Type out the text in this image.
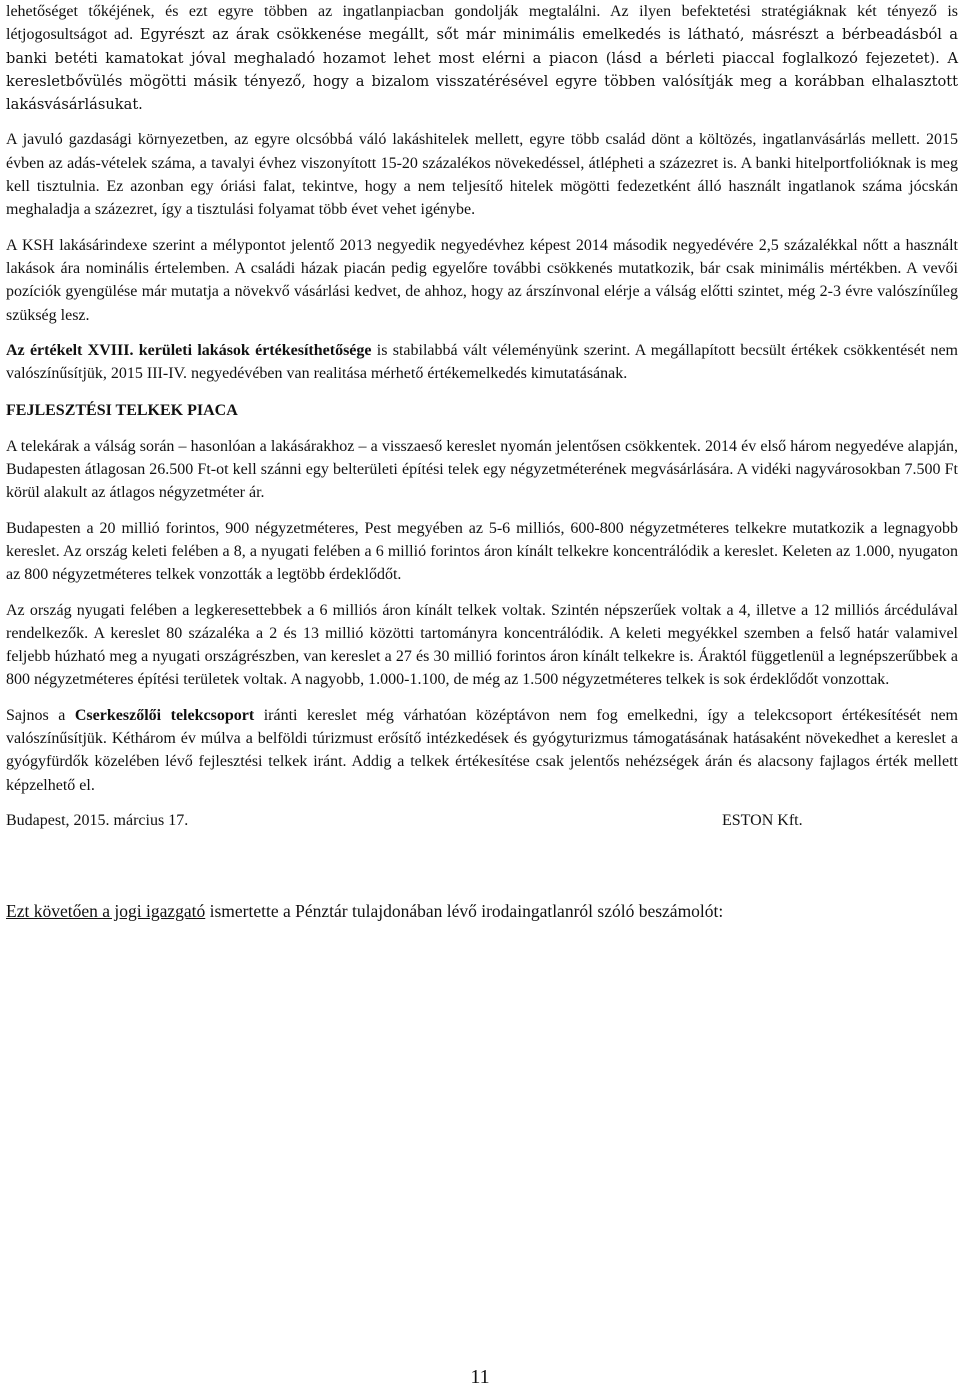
lehetőséget tőkéjének, és ezt egyre többen az ingatlanpiacban gondolják megtalálni. Az ilyen befektetési stratégiáknak két tényező is létjogosultságot ad. Egyrészt az árak csökkenése megállt, sőt már minimális emelkedés is látható, másrészt a bérbeadásból a banki betéti kamatokat jóval meghaladó hozamot lehet most elérni a piacon (lásd a bérleti piaccal foglalkozó fejezetet). A keresletbővülés mögötti másik tényező, hogy a bizalom visszatérésével egyre többen valósítják meg a korábban elhalasztott lakásvásárlásukat.

A javuló gazdasági környezetben, az egyre olcsóbbá váló lakáshitelek mellett, egyre több család dönt a költözés, ingatlanvásárlás mellett. 2015 évben az adás-vételek száma, a tavalyi évhez viszonyított 15-20 százalékos növekedéssel, átlépheti a százezret is. A banki hitelportfolióknak is meg kell tisztulnia. Ez azonban egy óriási falat, tekintve, hogy a nem teljesítő hitelek mögötti fedezetként álló használt ingatlanok száma jócskán meghaladja a százezret, így a tisztulási folyamat több évet vehet igénybe.

A KSH lakásárindexe szerint a mélypontot jelentő 2013 negyedik negyedévhez képest 2014 második negyedévére 2,5 százalékkal nőtt a használt lakások ára nominális értelemben. A családi házak piacán pedig egyelőre további csökkenés mutatkozik, bár csak minimális mértékben. A vevői pozíciók gyengülése már mutatja a növekvő vásárlási kedvet, de ahhoz, hogy az árszínvonal elérje a válság előtti szintet, még 2-3 évre valószínűleg szükség lesz.

Az értékelt XVIII. kerületi lakások értékesíthetősége is stabilabbá vált véleményünk szerint. A megállapított becsült értékek csökkentését nem valószínűsítjük, 2015 III-IV. negyedévében van realitása mérhető értékemelkedés kimutatásának.

FEJLESZTÉSI TELKEK PIACA

A telekárak a válság során – hasonlóan a lakásárakhoz – a visszaeső kereslet nyomán jelentősen csökkentek. 2014 év első három negyedéve alapján, Budapesten átlagosan 26.500 Ft-ot kell szánni egy belterületi építési telek egy négyzetméterének megvásárlására. A vidéki nagyvárosokban 7.500 Ft körül alakult az átlagos négyzetméter ár.

Budapesten a 20 millió forintos, 900 négyzetméteres, Pest megyében az 5-6 milliós, 600-800 négyzetméteres telkekre mutatkozik a legnagyobb kereslet. Az ország keleti felében a 8, a nyugati felében a 6 millió forintos áron kínált telkekre koncentrálódik a kereslet. Keleten az 1.000, nyugaton az 800 négyzetméteres telkek vonzották a legtöbb érdeklődőt.

Az ország nyugati felében a legkeresettebbek a 6 milliós áron kínált telkek voltak. Szintén népszerűek voltak a 4, illetve a 12 milliós árcédulával rendelkezők. A kereslet 80 százaléka a 2 és 13 millió közötti tartományra koncentrálódik. A keleti megyékkel szemben a felső határ valamivel feljebb húzható meg a nyugati országrészben, van kereslet a 27 és 30 millió forintos áron kínált telkekre is. Áraktól függetlenül a legnépszerűbbek a 800 négyzetméteres építési területek voltak. A nagyobb, 1.000-1.100, de még az 1.500 négyzetméteres telkek is sok érdeklődőt vonzottak.

Sajnos a Cserkeszőlői telekcsoport iránti kereslet még várhatóan középtávon nem fog emelkedni, így a telekcsoport értékesítését nem valószínűsítjük. Kéthárom év múlva a belföldi túrizmust erősítő intézkedések és gyógyturizmus támogatásának hatásaként növekedhet a kereslet a gyógyfürdők közelében lévő fejlesztési telkek iránt. Addig a telkek értékesítése csak jelentős nehézségek árán és alacsony fajlagos érték mellett képzelhető el.

Budapest, 2015. március 17.	ESTON Kft.

Ezt követően a jogi igazgató ismertette a Pénztár tulajdonában lévő irodaingatlanról szóló beszámolót:

11
